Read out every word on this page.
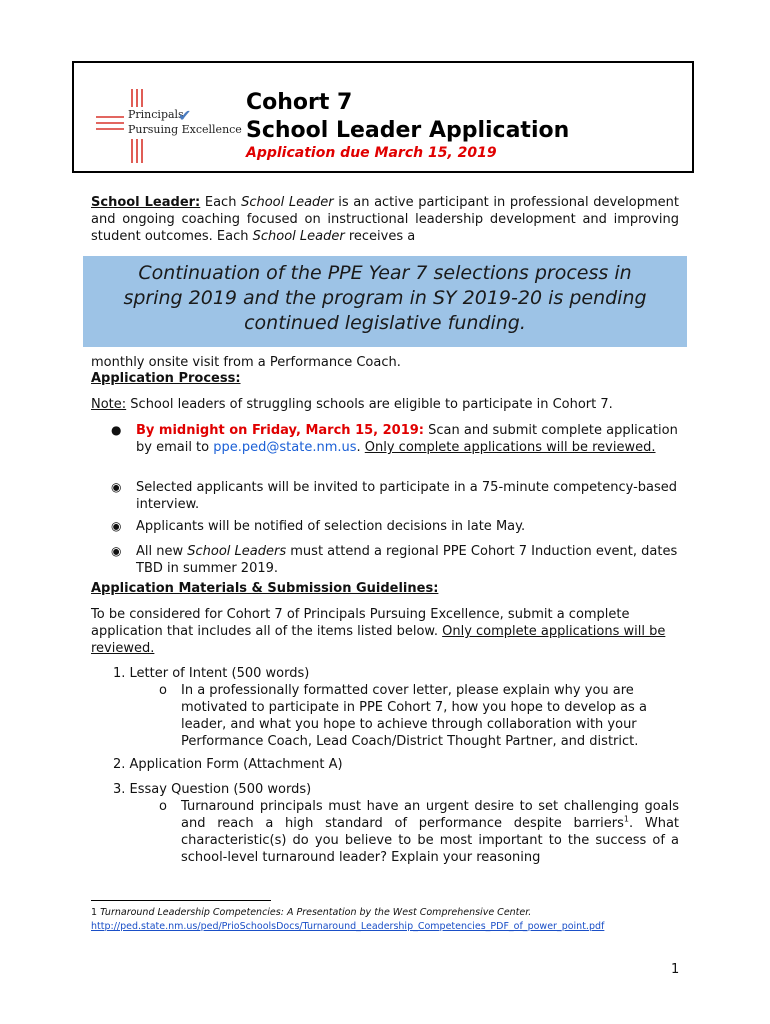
Principals
✔
Pursuing Excellence
Cohort 7
School Leader Application
Application due March 15, 2019
School Leader: Each School Leader is an active participant in professional development and ongoing coaching focused on instructional leadership development and improving student outcomes. Each School Leader receives a
Continuation of the PPE Year 7 selections process in
spring 2019 and the program in SY 2019-20 is pending
continued legislative funding.
monthly onsite visit from a Performance Coach.
Application Process:
Note: School leaders of struggling schools are eligible to participate in Cohort 7.
● By midnight on Friday, March 15, 2019: Scan and submit complete application by email to ppe.ped@state.nm.us. Only complete applications will be reviewed.
◉ Selected applicants will be invited to participate in a 75-minute competency-based interview.
◉ Applicants will be notified of selection decisions in late May.
◉ All new School Leaders must attend a regional PPE Cohort 7 Induction event, dates TBD in summer 2019.
Application Materials & Submission Guidelines:
To be considered for Cohort 7 of Principals Pursuing Excellence, submit a complete application that includes all of the items listed below. Only complete applications will be reviewed.
1. Letter of Intent (500 words)
o In a professionally formatted cover letter, please explain why you are motivated to participate in PPE Cohort 7, how you hope to develop as a leader, and what you hope to achieve through collaboration with your Performance Coach, Lead Coach/District Thought Partner, and district.
2. Application Form (Attachment A)
3. Essay Question (500 words)
o Turnaround principals must have an urgent desire to set challenging goals and reach a high standard of performance despite barriers$^1$. What characteristic(s) do you believe to be most important to the success of a school-level turnaround leader? Explain your reasoning
1 Turnaround Leadership Competencies: A Presentation by the West Comprehensive Center.
http://ped.state.nm.us/ped/PrioSchoolsDocs/Turnaround_Leadership_Competencies_PDF_of_power_point.pdf
1
